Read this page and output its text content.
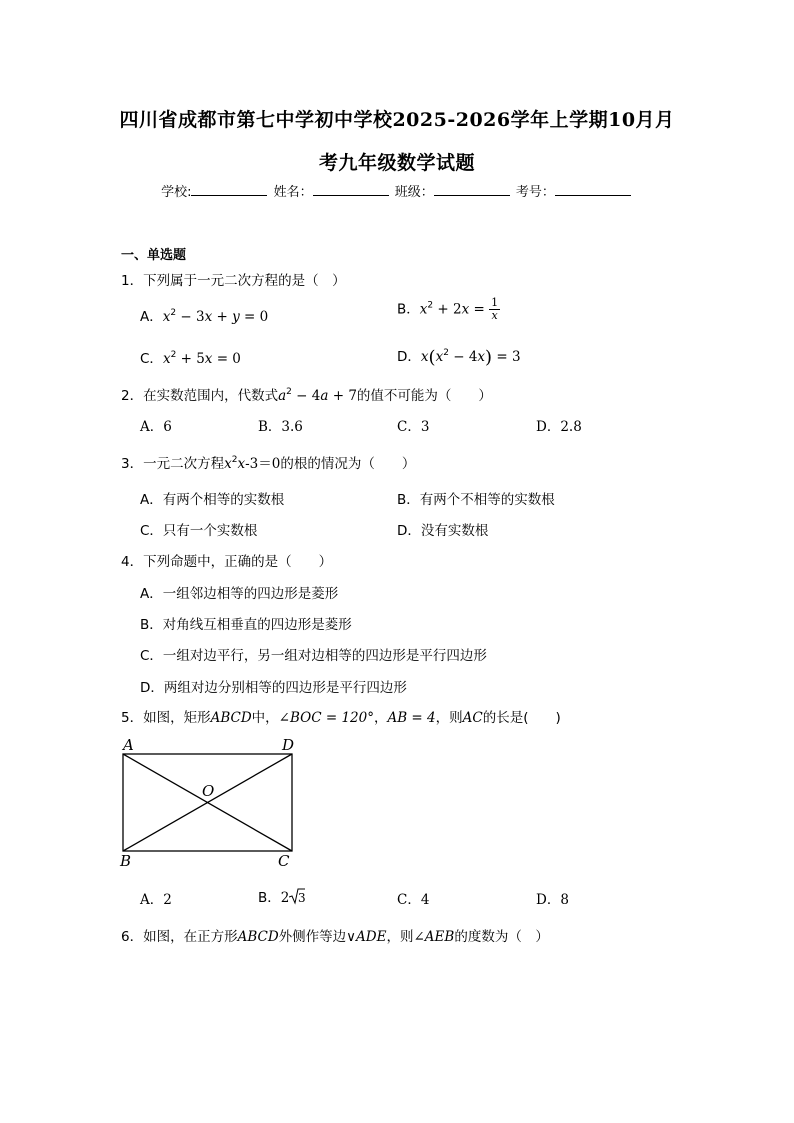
四川省成都市第七中学初中学校2025-2026学年上学期10月月
考九年级数学试题
学校:	姓名：	班级：	考号：
一、单选题
1．下列属于一元二次方程的是（　）
A．$x^2 - 3x + y = 0$	B．$x^2 + 2x = \frac{1}{x}$
C．$x^2 + 5x = 0$	D．$x(x^2 - 4x) = 3$
2．在实数范围内，代数式$a^2 - 4a + 7$的值不可能为（　　）
A．6	B．3.6	C．3	D．2.8
3．一元二次方程$x^2x-3=0$的根的情况为（　　）
A．有两个相等的实数根	B．有两个不相等的实数根
C．只有一个实数根	D．没有实数根
4．下列命题中，正确的是（　　）
A．一组邻边相等的四边形是菱形
B．对角线互相垂直的四边形是菱形
C．一组对边平行，另一组对边相等的四边形是平行四边形
D．两组对边分别相等的四边形是平行四边形
5．如图，矩形ABCD中，∠BOC = 120°，AB = 4，则AC的长是(　　)
A	D
O
B	C
A．2	B．2 3	C．4	D．8
6．如图，在正方形ABCD外侧作等边∨ADE，则∠AEB的度数为（　）
